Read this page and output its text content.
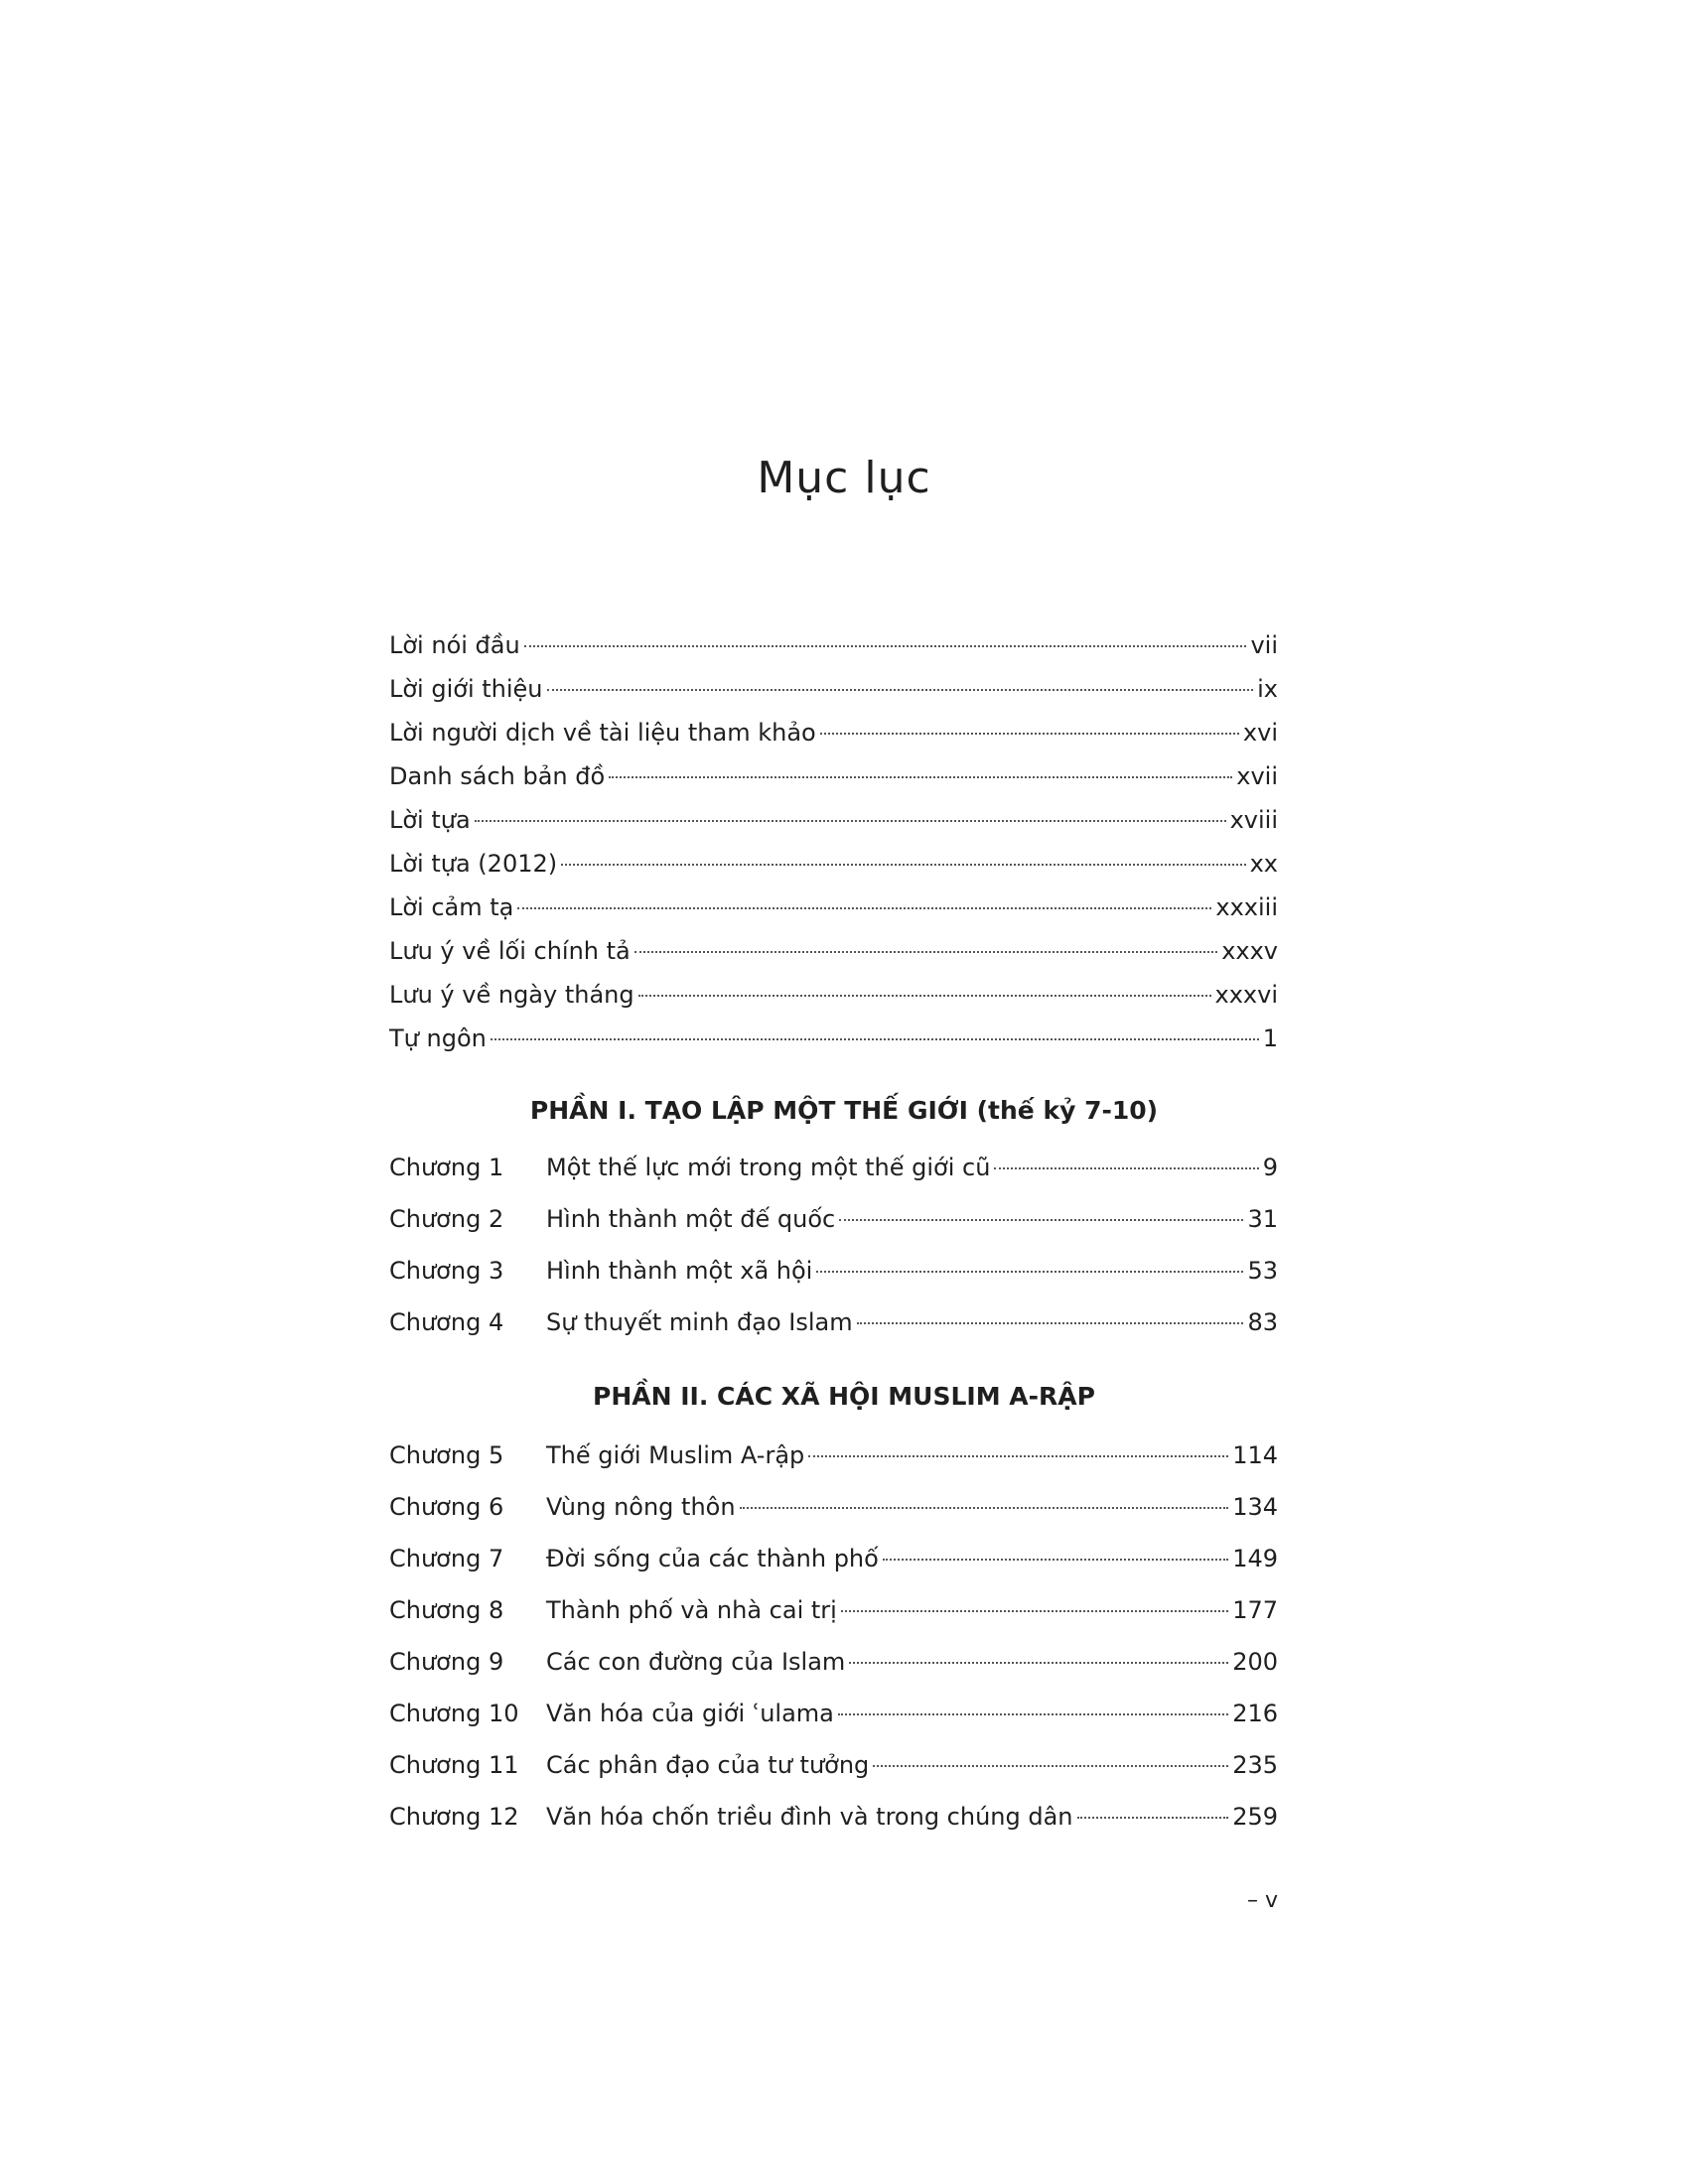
Mục lục
Lời nói đầu	vii
Lời giới thiệu	ix
Lời người dịch về tài liệu tham khảo	xvi
Danh sách bản đồ	xvii
Lời tựa	xviii
Lời tựa (2012)	xx
Lời cảm tạ	xxxiii
Lưu ý về lối chính tả	xxxv
Lưu ý về ngày tháng	xxxvi
Tự ngôn	1
PHẦN I. TẠO LẬP MỘT THẾ GIỚI (thế kỷ 7-10)
Chương 1	Một thế lực mới trong một thế giới cũ	9
Chương 2	Hình thành một đế quốc	31
Chương 3	Hình thành một xã hội	53
Chương 4	Sự thuyết minh đạo Islam	83
PHẦN II. CÁC XÃ HỘI MUSLIM A-RẬP
Chương 5	Thế giới Muslim A-rập	114
Chương 6	Vùng nông thôn	134
Chương 7	Đời sống của các thành phố	149
Chương 8	Thành phố và nhà cai trị	177
Chương 9	Các con đường của Islam	200
Chương 10	Văn hóa của giới ʿulama	216
Chương 11	Các phân đạo của tư tưởng	235
Chương 12	Văn hóa chốn triều đình và trong chúng dân	259
– v
